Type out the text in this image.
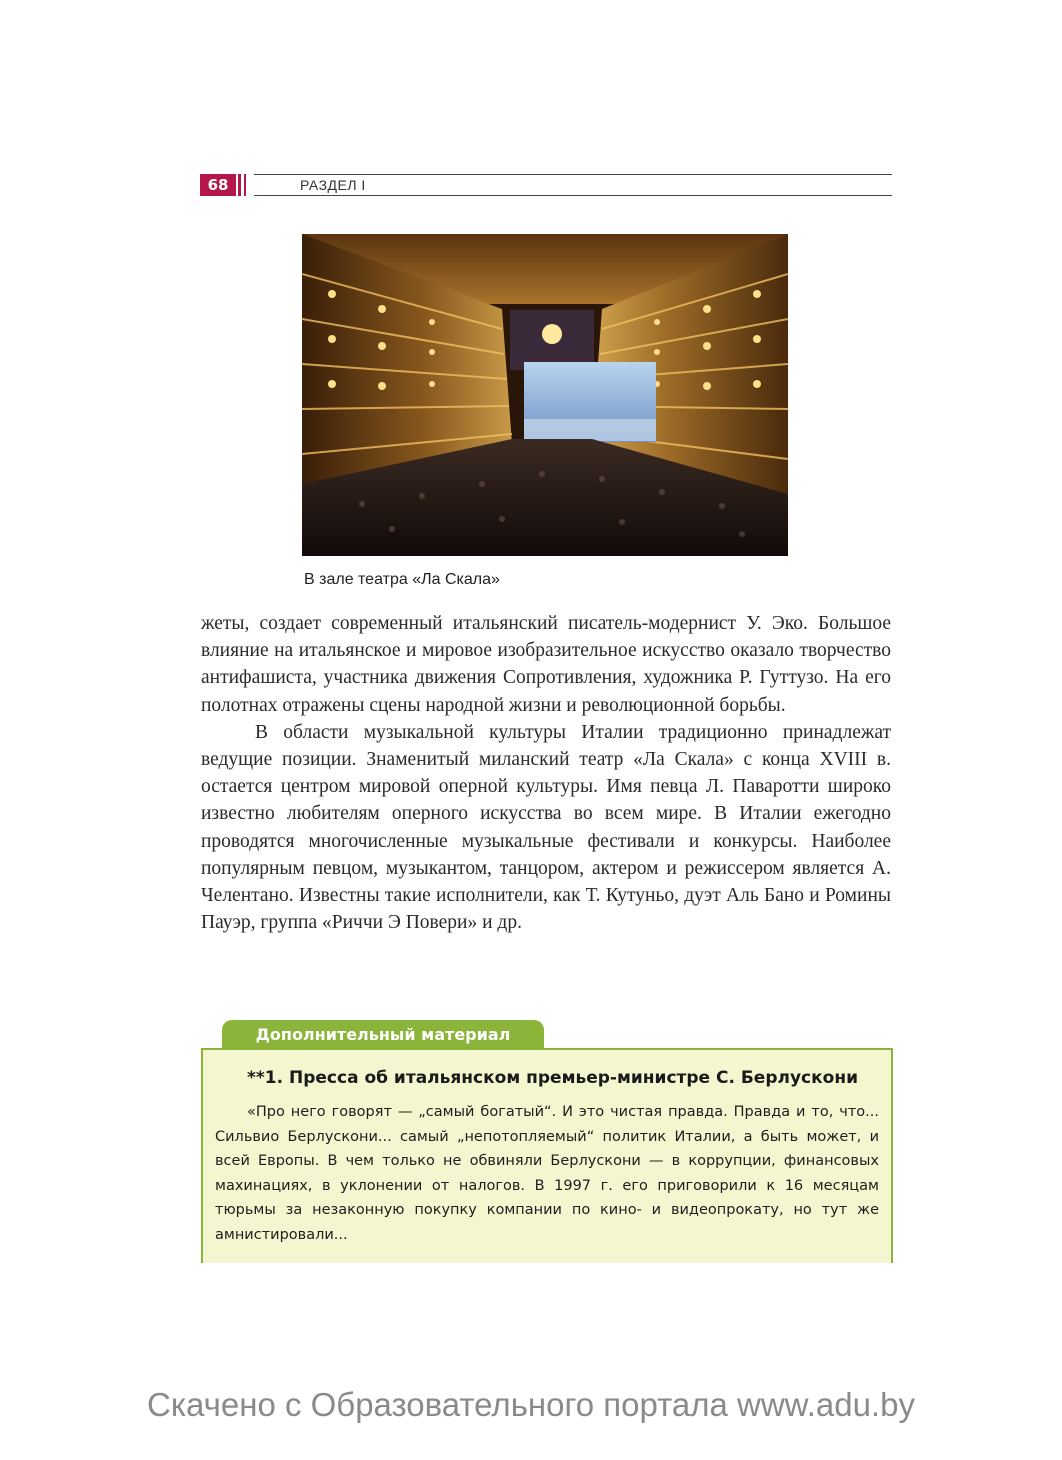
68	РАЗДЕЛ I
В зале театра «Ла Скала»

жеты, создает современный итальянский писатель-модернист У. Эко. Большое влияние на итальянское и мировое изобразительное искусство оказало творчество антифашиста, участника движения Сопротивления, художника Р. Гуттузо. На его полотнах отражены сцены народной жизни и революционной борьбы.

В области музыкальной культуры Италии традиционно принадлежат ведущие позиции. Знаменитый миланский театр «Ла Скала» с конца XVIII в. остается центром мировой оперной культуры. Имя певца Л. Паваротти широко известно любителям оперного искусства во всем мире. В Италии ежегодно проводятся многочисленные музыкальные фестивали и конкурсы. Наиболее популярным певцом, музыкантом, танцором, актером и режиссером является А. Челентано. Известны такие исполнители, как Т. Кутуньо, дуэт Аль Бано и Ромины Пауэр, группа «Риччи Э Повери» и др.

Дополнительный материал
**1. Пресса об итальянском премьер-министре С. Берлускони

«Про него говорят — „самый богатый“. И это чистая правда. Правда и то, что... Сильвио Берлускони... самый „непотопляемый“ политик Италии, а быть может, и всей Европы. В чем только не обвиняли Берлускони — в коррупции, финансовых махинациях, в уклонении от налогов. В 1997 г. его приговорили к 16 месяцам тюрьмы за незаконную покупку компании по кино- и видеопрокату, но тут же амнистировали...

Скачено с Образовательного портала www.adu.by
